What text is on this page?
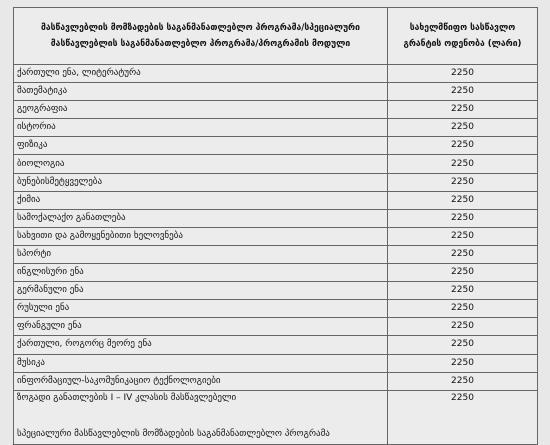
მასწავლებლის მომზადების საგანმანათლებლო პროგრამა/სპეციალური მასწავლებლის საგანმანათლებლო პროგრამა/პროგრამის მოდული	სახელმწიფო სასწავლო გრანტის ოდენობა (ლარი)
ქართული ენა, ლიტერატურა	2250
მათემატიკა	2250
გეოგრაფია	2250
ისტორია	2250
ფიზიკა	2250
ბიოლოგია	2250
ბუნებისმეტყველება	2250
ქიმია	2250
სამოქალაქო განათლება	2250
სახვითი და გამოყენებითი ხელოვნება	2250
სპორტი	2250
ინგლისური ენა	2250
გერმანული ენა	2250
რუსული ენა	2250
ფრანგული ენა	2250
ქართული, როგორც მეორე ენა	2250
მუსიკა	2250
ინფორმაციულ-საკომუნიკაციო ტექნოლოგიები	2250

ზოგადი განათლების I – IV კლასის მასწავლებელი
სპეციალური მასწავლებლის მომზადების საგანმანათლებლო პროგრამა	2250
